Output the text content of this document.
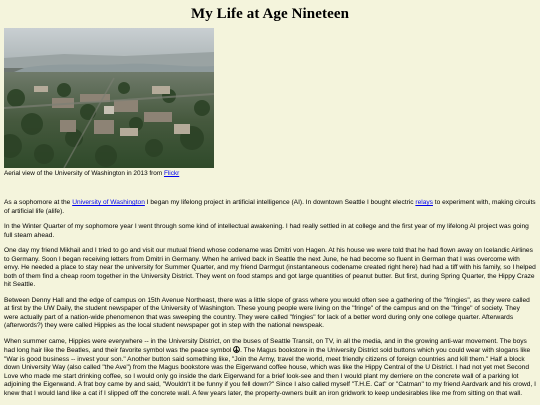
My Life at Age Nineteen
Aerial view of the University of Washington in 2013 from Flickr

As a sophomore at the University of Washington I began my lifelong project in artificial intelligence (AI). In downtown Seattle I bought electric relays to experiment with, making circuits of artificial life (alife).

In the Winter Quarter of my sophomore year I went through some kind of intellectual awakening. I had really settled in at college and the first year of my lifelong AI project was going full steam ahead.

One day my friend Mikhail and I tried to go and visit our mutual friend whose codename was Dmitri von Hagen. At his house we were told that he had flown away on Icelandic Airlines to Germany. Soon I began receiving letters from Dmitri in Germany. When he arrived back in Seattle the next June, he had become so fluent in German that I was overcome with envy. He needed a place to stay near the university for Summer Quarter, and my friend Darmgut (instantaneous codename created right here) had had a tiff with his family, so I helped both of them find a cheap room together in the University District. They went on food stamps and got large quantities of peanut butter. But first, during Spring Quarter, the Hippy Craze hit Seattle.

Between Denny Hall and the edge of campus on 15th Avenue Northeast, there was a little slope of grass where you would often see a gathering of the "fringies", as they were called at first by the UW Daily, the student newspaper of the University of Washington. These young people were living on the "fringe" of the campus and on the "fringe" of society. They were actually part of a nation-wide phenomenon that was sweeping the country. They were called "fringies" for lack of a better word during only one college quarter. Afterwards (afterwords?) they were called Hippies as the local student newspaper got in step with the national newspeak.

When summer came, Hippies were everywhere -- in the University District, on the buses of Seattle Transit, on TV, in all the media, and in the growing anti-war movement. The boys had long hair like the Beatles, and their favorite symbol was the peace symbol . The Magus bookstore in the University District sold buttons which you could wear with slogans like "War is good business -- invest your son." Another button said something like, "Join the Army, travel the world, meet friendly citizens of foreign countries and kill them." Half a block down University Way (also called "the Ave") from the Magus bookstore was the Eigerwand coffee house, which was like the Hippy Central of the U District. I had not yet met Second Love who made me start drinking coffee, so I would only go inside the dark Eigerwand for a brief look-see and then I would plant my derriere on the concrete wall of a parking lot adjoining the Eigerwand. A frat boy came by and said, "Wouldn't it be funny if you fell down?" Since I also called myself "T.H.E. Cat" or "Catman" to my friend Aardvark and his crowd, I knew that I would land like a cat if I slipped off the concrete wall. A few years later, the property-owners built an iron gridwork to keep undesirables like me from sitting on that wall.
